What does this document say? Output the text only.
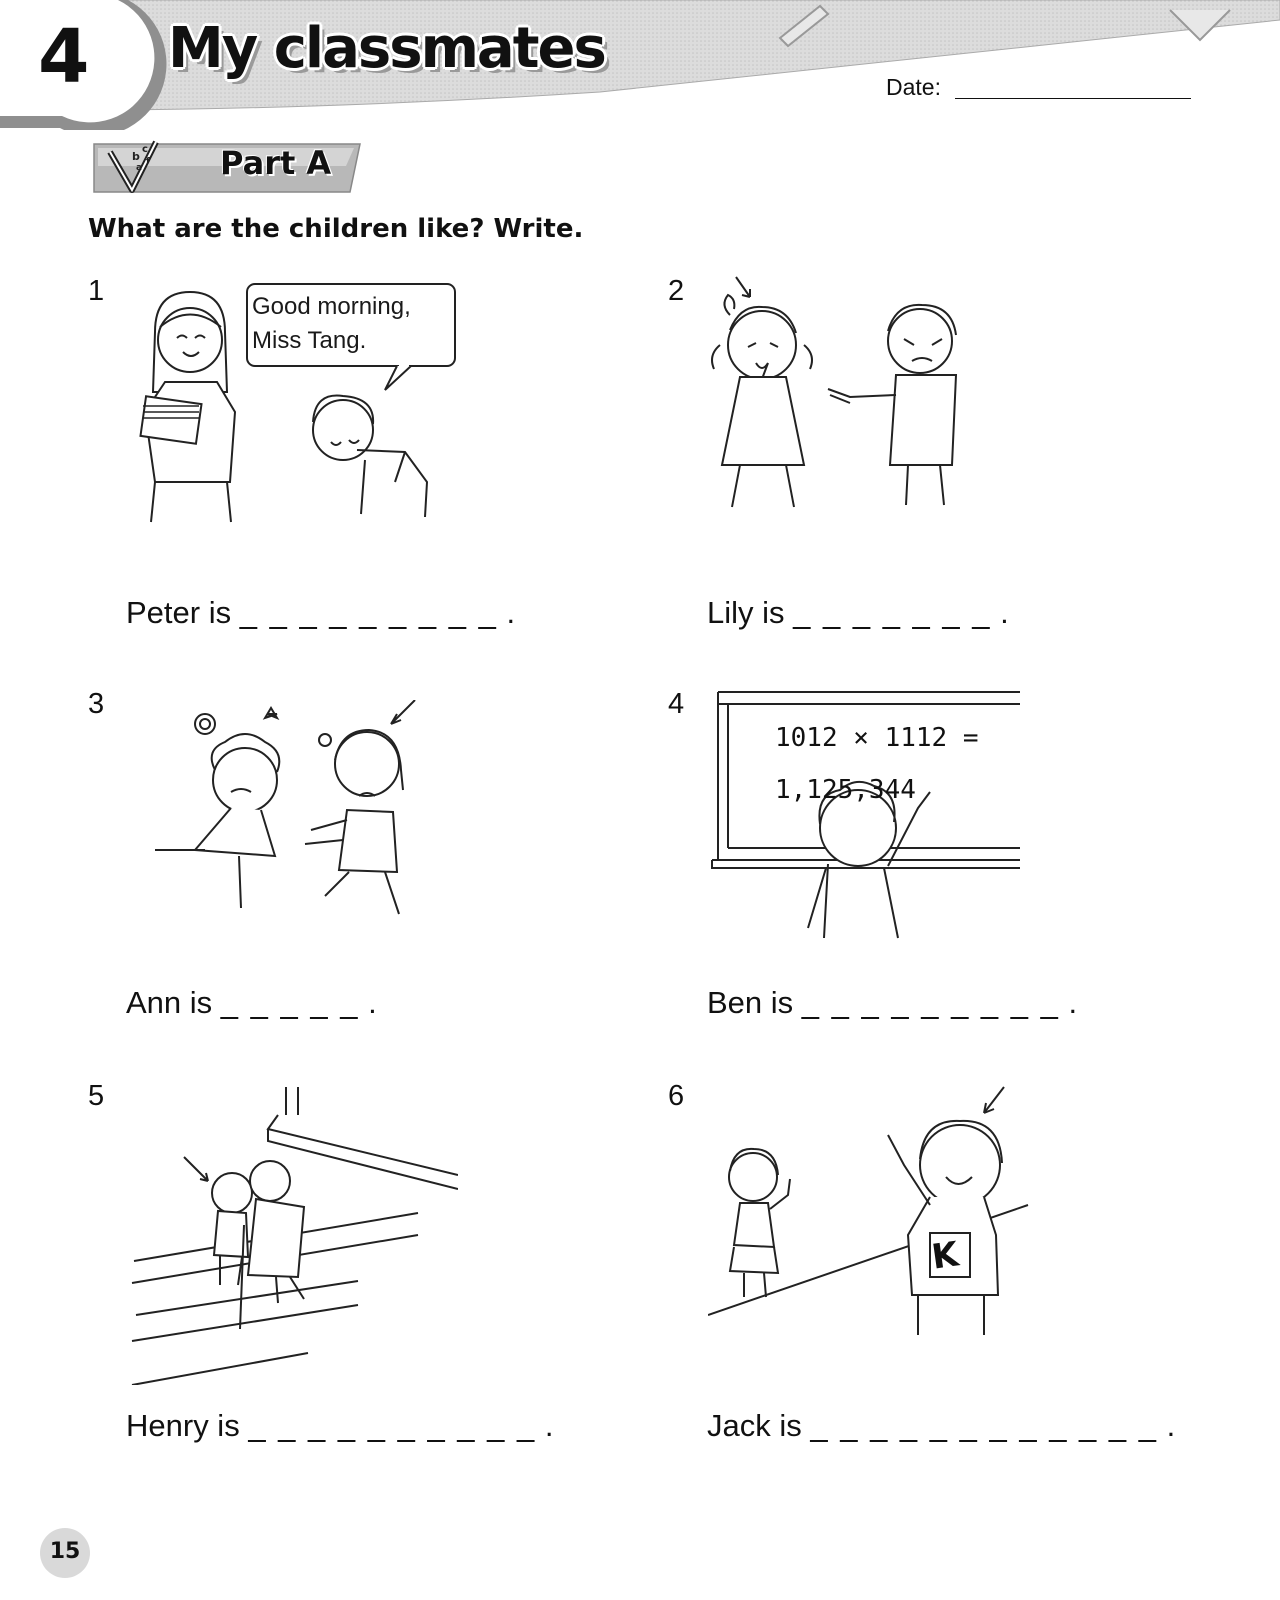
4 My classmates
Date:
b
c
f
a Part A
What are the children like? Write.
1	Good morning,
Miss Tang.
Peter is _ _ _ _ _ _ _ _ _ .
2
Lily is _ _ _ _ _ _ _ .
3
Ann is _ _ _ _ _ .
4
1012 × 1112 =
1,125,344
Ben is _ _ _ _ _ _ _ _ _ .
5
Henry is _ _ _ _ _ _ _ _ _ _ .
6
K
Jack is _ _ _ _ _ _ _ _ _ _ _ _ .
15
